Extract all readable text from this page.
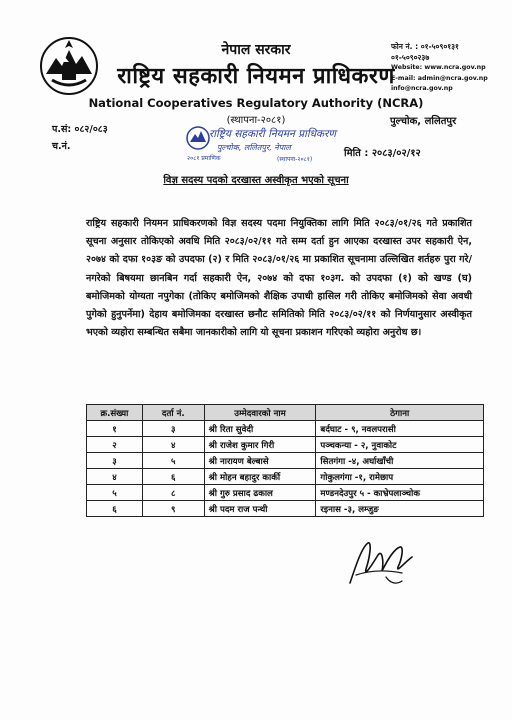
नेपाल सरकार
राष्ट्रिय सहकारी नियमन प्राधिकरण
National Cooperatives Regulatory Authority (NCRA)
(स्थापना-२०८१)
फोन नं. : ०१-५०९०१३१
०१-५०९०२३७
Website: www.ncra.gov.np
E-mail: admin@ncra.gov.np
info@ncra.gov.np
प.सं: ०८२/०८३
च.नं.
पुल्चोक, ललितपुर
मिति : २०८३/०२/१२
राष्ट्रिय सहकारी नियमन प्राधिकरण
पुल्चोक, ललितपुर, नेपाल
२०८१ प्रमाणिक	(स्थापना-२०८१)
विज्ञ सदस्य पदको दरखास्त अस्वीकृत भएको सूचना
राष्ट्रिय सहकारी नियमन प्राधिकरणको विज्ञ सदस्य पदमा नियुक्तिका लागि मिति २०८३/०१/२६ गते प्रकाशित सूचना अनुसार तोकिएको अवधि मिति २०८३/०२/११ गते सम्म दर्ता हुन आएका दरखास्त उपर सहकारी ऐन, २०७४ को दफा १०३ङ को उपदफा (२) र मिति २०८३/०१/२६ मा प्रकाशित सूचनामा उल्लिखित शर्तहरु पुरा गरे/नगरेको बिषयमा छानबिन गर्दा सहकारी ऐन, २०७४ को दफा १०३ग. को उपदफा (१) को खण्ड (घ) बमोजिमको योग्यता नपुगेका (तोकिए बमोजिमको शैक्षिक उपाधी हासिल गरी तोकिए बमोजिमको सेवा अवधी पुगेको हुनुपर्नेमा) देहाय बमोजिमका दरखास्त छनौट समितिको मिति २०८३/०२/११ को निर्णयानुसार अस्वीकृत भएको व्यहोरा सम्बन्धित सबैमा जानकारीको लागि यो सूचना प्रकाशन गरिएको व्यहोरा अनुरोध छ।
क्र.संख्या	दर्ता नं.	उम्मेदवारको नाम	ठेगाना
१	३	श्री रिता सुवेदी	बर्दघाट - ९, नवलपरासी
२	४	श्री राजेश कुमार गिरी	पञ्चकन्या - २, नुवाकोट
३	५	श्री नारायण बेल्बासे	सितगंगा -४, अर्घाखाँची
४	६	श्री मोहन बहादुर कार्की	गोकुलगंगा -१, रामेछाप
५	८	श्री गुरु प्रसाद ढकाल	मण्डनदेउपुर ५ - काभ्रेपलाञ्चोक
६	९	श्री पदम राज पन्थी	रइनास -३, लम्जुङ
